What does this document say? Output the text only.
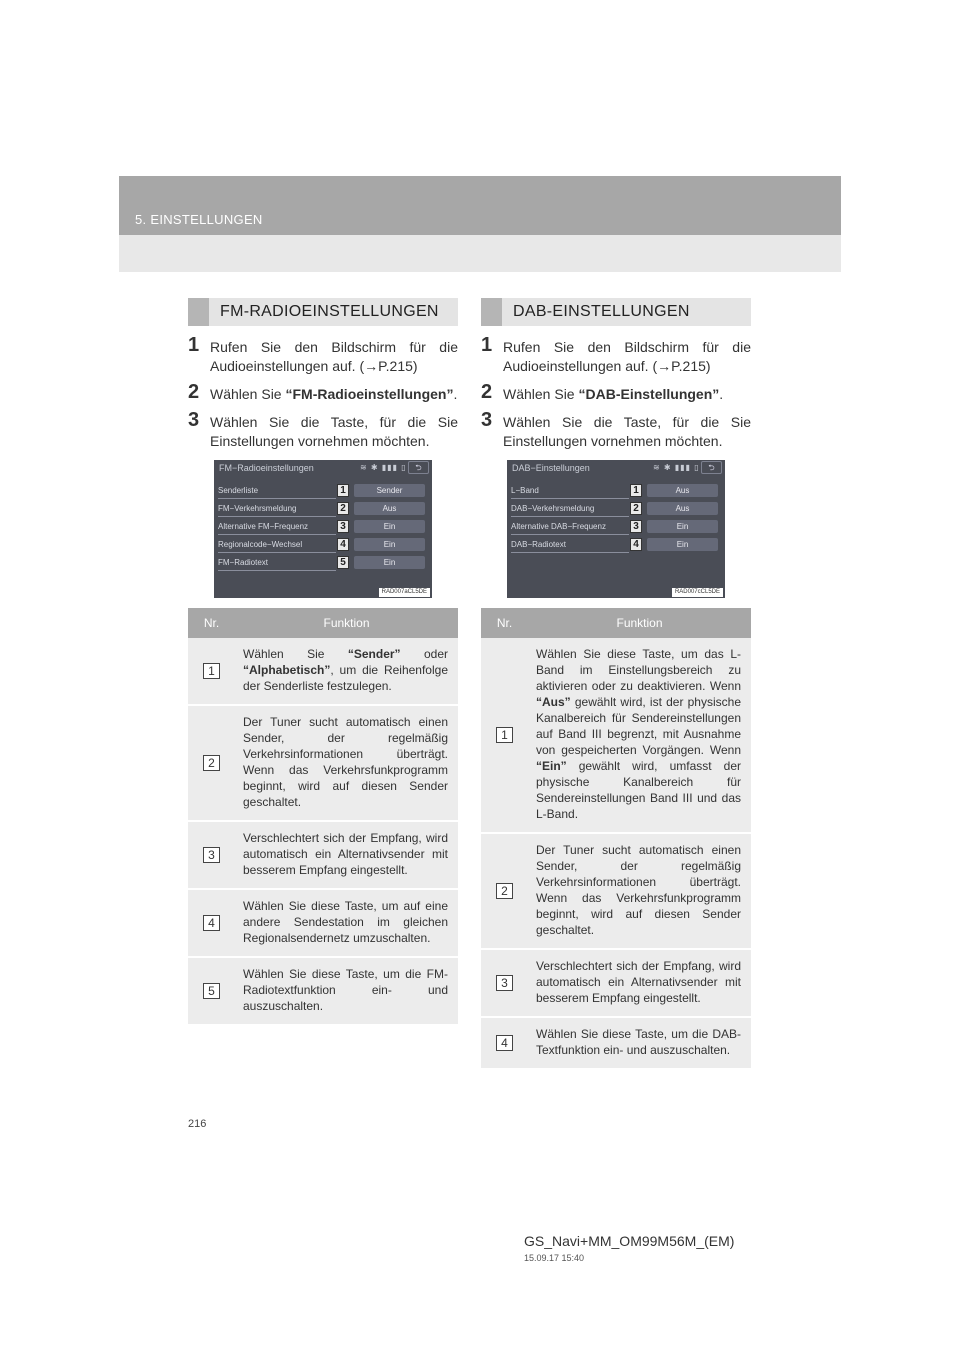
5. EINSTELLUNGEN
FM-RADIOEINSTELLUNGEN
1 Rufen Sie den Bildschirm für die Audioeinstellungen auf. (→P.215)
2 Wählen Sie “FM-Radioeinstellungen”.
3 Wählen Sie die Taste, für die Sie Einstellungen vornehmen möchten.
FM−Radioeinstellungen	≋ ✱ ▮▮▮ ▯	⮌
Senderliste	1	Sender
FM−Verkehrsmeldung	2	Aus
Alternative FM−Frequenz	3	Ein
Regionalcode−Wechsel	4	Ein
FM−Radiotext	5	Ein
RAD007aCL5DE
Nr.	Funktion
1
Wählen Sie “Sender” oder “Alphabetisch”, um die Reihenfolge der Senderliste festzulegen.
2
Der Tuner sucht automatisch einen Sender, der regelmäßig Verkehrsinformationen überträgt. Wenn das Verkehrsfunkprogramm beginnt, wird auf diesen Sender geschaltet.
3
Verschlechtert sich der Empfang, wird automatisch ein Alternativsender mit besserem Empfang eingestellt.
4
Wählen Sie diese Taste, um auf eine andere Sendestation im gleichen Regionalsendernetz umzuschalten.
5
Wählen Sie diese Taste, um die FM-Radiotextfunktion ein- und auszuschalten.
DAB-EINSTELLUNGEN
1 Rufen Sie den Bildschirm für die Audioeinstellungen auf. (→P.215)
2 Wählen Sie “DAB-Einstellungen”.
3 Wählen Sie die Taste, für die Sie Einstellungen vornehmen möchten.
DAB−Einstellungen	≋ ✱ ▮▮▮ ▯	⮌
L−Band	1	Aus
DAB−Verkehrsmeldung	2	Aus
Alternative DAB−Frequenz	3	Ein
DAB−Radiotext	4	Ein
RAD007cCL5DE
Nr.	Funktion
1
Wählen Sie diese Taste, um das L-Band im Einstellungsbereich zu aktivieren oder zu deaktivieren. Wenn “Aus” gewählt wird, ist der physische Kanalbereich für Sendereinstellungen auf Band III begrenzt, mit Ausnahme von gespeicherten Vorgängen. Wenn “Ein” gewählt wird, umfasst der physische Kanalbereich für Sendereinstellungen Band III und das L-Band.
2
Der Tuner sucht automatisch einen Sender, der regelmäßig Verkehrsinformationen überträgt. Wenn das Verkehrsfunkprogramm beginnt, wird auf diesen Sender geschaltet.
3
Verschlechtert sich der Empfang, wird automatisch ein Alternativsender mit besserem Empfang eingestellt.
4
Wählen Sie diese Taste, um die DAB-Textfunktion ein- und auszuschalten.
216
GS_Navi+MM_OM99M56M_(EM)
15.09.17 15:40
